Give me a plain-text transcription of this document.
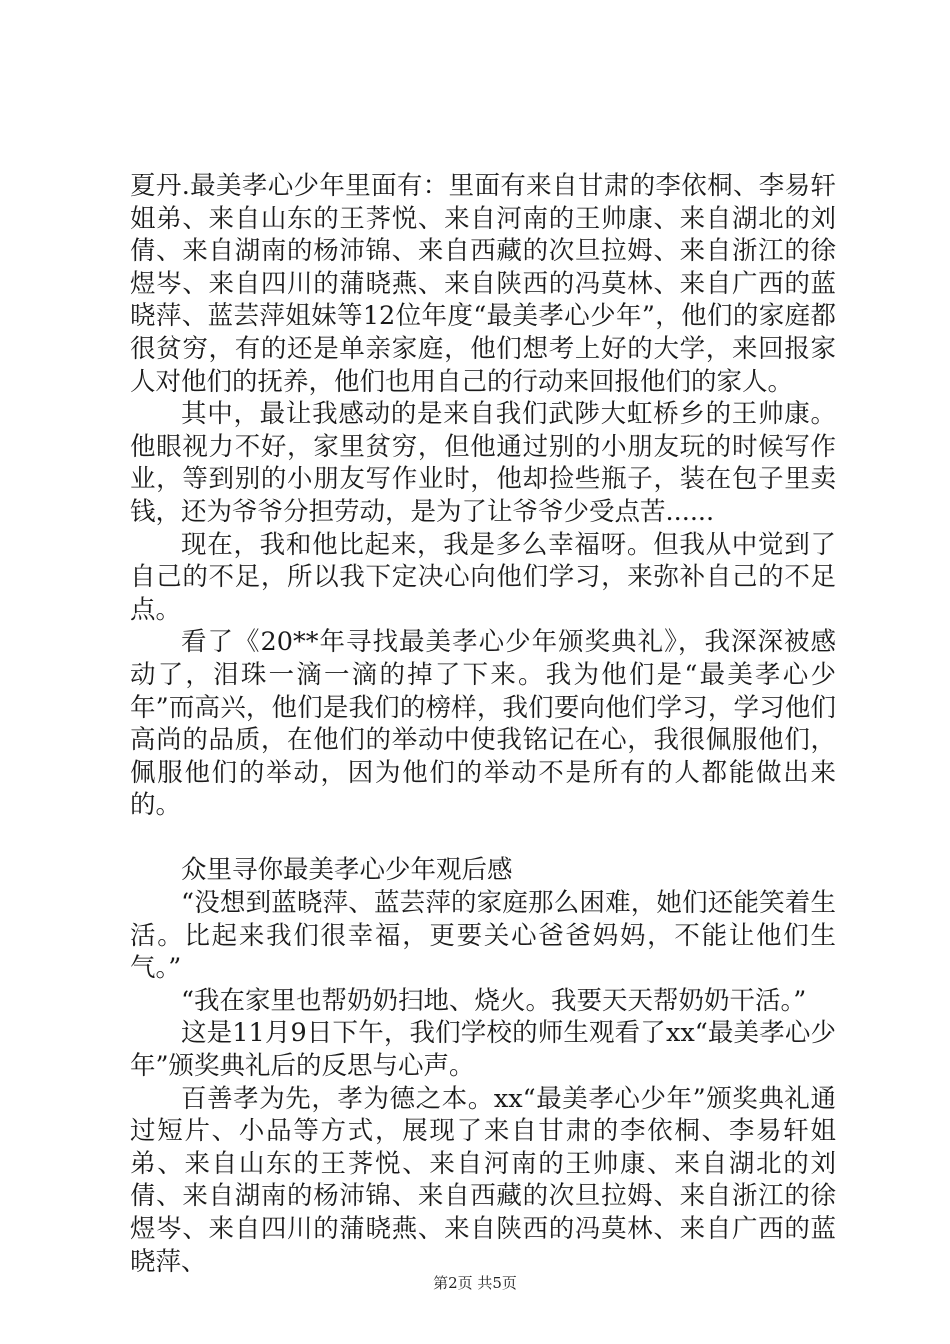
夏丹.最美孝心少年里面有：里面有来自甘肃的李依桐、李易轩姐弟、来自山东的王荠悦、来自河南的王帅康、来自湖北的刘倩、来自湖南的杨沛锦、来自西藏的次旦拉姆、来自浙江的徐煜岑、来自四川的蒲晓燕、来自陕西的冯莫林、来自广西的蓝晓萍、蓝芸萍姐妹等12位年度“最美孝心少年”，他们的家庭都很贫穷，有的还是单亲家庭，他们想考上好的大学，来回报家人对他们的抚养，他们也用自己的行动来回报他们的家人。

其中，最让我感动的是来自我们武陟大虹桥乡的王帅康。他眼视力不好，家里贫穷，但他通过别的小朋友玩的时候写作业，等到别的小朋友写作业时，他却捡些瓶子，装在包子里卖钱，还为爷爷分担劳动，是为了让爷爷少受点苦......

现在，我和他比起来，我是多么幸福呀。但我从中觉到了自己的不足，所以我下定决心向他们学习，来弥补自己的不足点。

看了《20**年寻找最美孝心少年颁奖典礼》，我深深被感动了，泪珠一滴一滴的掉了下来。我为他们是“最美孝心少年”而高兴，他们是我们的榜样，我们要向他们学习，学习他们高尚的品质，在他们的举动中使我铭记在心，我很佩服他们，佩服他们的举动，因为他们的举动不是所有的人都能做出来的。

众里寻你最美孝心少年观后感

“没想到蓝晓萍、蓝芸萍的家庭那么困难，她们还能笑着生活。比起来我们很幸福，更要关心爸爸妈妈，不能让他们生气。”

“我在家里也帮奶奶扫地、烧火。我要天天帮奶奶干活。”

这是11月9日下午，我们学校的师生观看了xx“最美孝心少年”颁奖典礼后的反思与心声。

百善孝为先，孝为德之本。xx“最美孝心少年”颁奖典礼通过短片、小品等方式，展现了来自甘肃的李依桐、李易轩姐弟、来自山东的王荠悦、来自河南的王帅康、来自湖北的刘倩、来自湖南的杨沛锦、来自西藏的次旦拉姆、来自浙江的徐煜岑、来自四川的蒲晓燕、来自陕西的冯莫林、来自广西的蓝晓萍、

第2页 共5页
